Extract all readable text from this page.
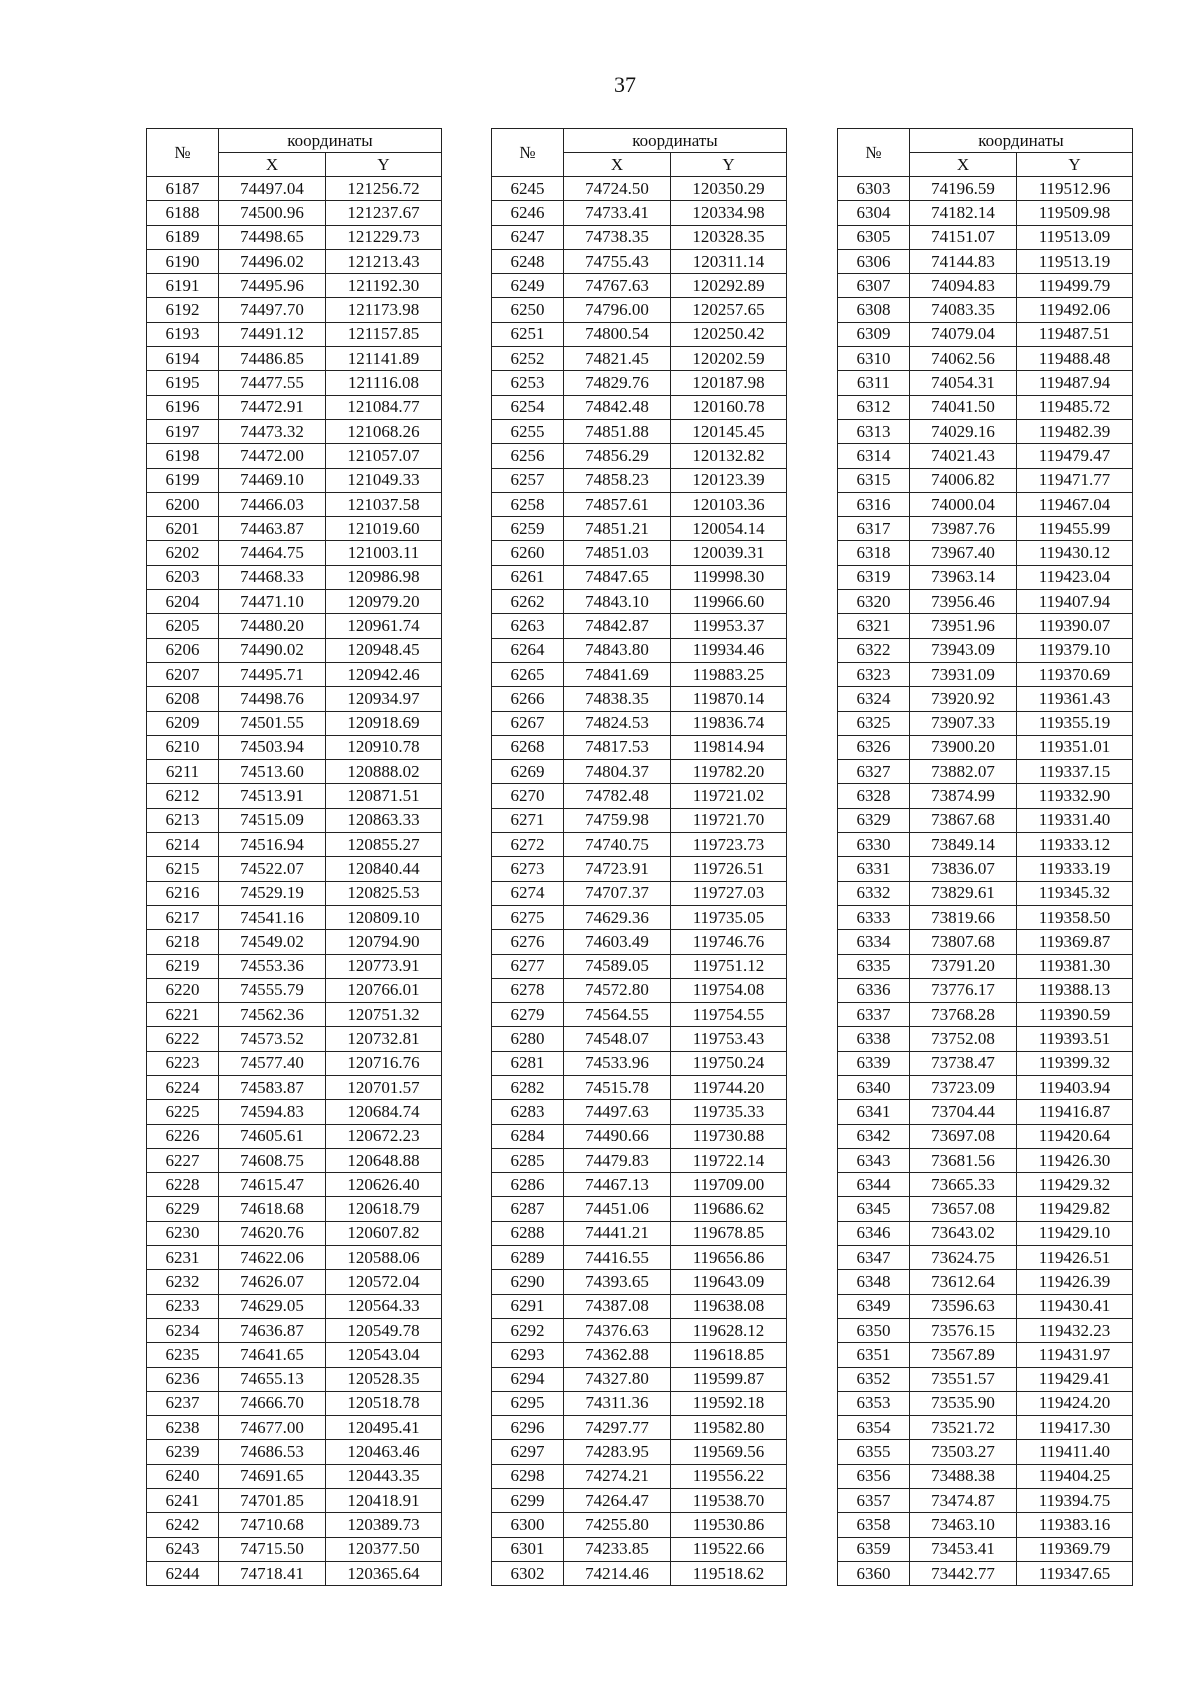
37
№	координаты	
	X	Y
6187	74497.04	121256.72
6188	74500.96	121237.67
6189	74498.65	121229.73
6190	74496.02	121213.43
6191	74495.96	121192.30
6192	74497.70	121173.98
6193	74491.12	121157.85
6194	74486.85	121141.89
6195	74477.55	121116.08
6196	74472.91	121084.77
6197	74473.32	121068.26
6198	74472.00	121057.07
6199	74469.10	121049.33
6200	74466.03	121037.58
6201	74463.87	121019.60
6202	74464.75	121003.11
6203	74468.33	120986.98
6204	74471.10	120979.20
6205	74480.20	120961.74
6206	74490.02	120948.45
6207	74495.71	120942.46
6208	74498.76	120934.97
6209	74501.55	120918.69
6210	74503.94	120910.78
6211	74513.60	120888.02
6212	74513.91	120871.51
6213	74515.09	120863.33
6214	74516.94	120855.27
6215	74522.07	120840.44
6216	74529.19	120825.53
6217	74541.16	120809.10
6218	74549.02	120794.90
6219	74553.36	120773.91
6220	74555.79	120766.01
6221	74562.36	120751.32
6222	74573.52	120732.81
6223	74577.40	120716.76
6224	74583.87	120701.57
6225	74594.83	120684.74
6226	74605.61	120672.23
6227	74608.75	120648.88
6228	74615.47	120626.40
6229	74618.68	120618.79
6230	74620.76	120607.82
6231	74622.06	120588.06
6232	74626.07	120572.04
6233	74629.05	120564.33
6234	74636.87	120549.78
6235	74641.65	120543.04
6236	74655.13	120528.35
6237	74666.70	120518.78
6238	74677.00	120495.41
6239	74686.53	120463.46
6240	74691.65	120443.35
6241	74701.85	120418.91
6242	74710.68	120389.73
6243	74715.50	120377.50
6244	74718.41	120365.64
№	координаты	
	X	Y
6245	74724.50	120350.29
6246	74733.41	120334.98
6247	74738.35	120328.35
6248	74755.43	120311.14
6249	74767.63	120292.89
6250	74796.00	120257.65
6251	74800.54	120250.42
6252	74821.45	120202.59
6253	74829.76	120187.98
6254	74842.48	120160.78
6255	74851.88	120145.45
6256	74856.29	120132.82
6257	74858.23	120123.39
6258	74857.61	120103.36
6259	74851.21	120054.14
6260	74851.03	120039.31
6261	74847.65	119998.30
6262	74843.10	119966.60
6263	74842.87	119953.37
6264	74843.80	119934.46
6265	74841.69	119883.25
6266	74838.35	119870.14
6267	74824.53	119836.74
6268	74817.53	119814.94
6269	74804.37	119782.20
6270	74782.48	119721.02
6271	74759.98	119721.70
6272	74740.75	119723.73
6273	74723.91	119726.51
6274	74707.37	119727.03
6275	74629.36	119735.05
6276	74603.49	119746.76
6277	74589.05	119751.12
6278	74572.80	119754.08
6279	74564.55	119754.55
6280	74548.07	119753.43
6281	74533.96	119750.24
6282	74515.78	119744.20
6283	74497.63	119735.33
6284	74490.66	119730.88
6285	74479.83	119722.14
6286	74467.13	119709.00
6287	74451.06	119686.62
6288	74441.21	119678.85
6289	74416.55	119656.86
6290	74393.65	119643.09
6291	74387.08	119638.08
6292	74376.63	119628.12
6293	74362.88	119618.85
6294	74327.80	119599.87
6295	74311.36	119592.18
6296	74297.77	119582.80
6297	74283.95	119569.56
6298	74274.21	119556.22
6299	74264.47	119538.70
6300	74255.80	119530.86
6301	74233.85	119522.66
6302	74214.46	119518.62
№	координаты	
	X	Y
6303	74196.59	119512.96
6304	74182.14	119509.98
6305	74151.07	119513.09
6306	74144.83	119513.19
6307	74094.83	119499.79
6308	74083.35	119492.06
6309	74079.04	119487.51
6310	74062.56	119488.48
6311	74054.31	119487.94
6312	74041.50	119485.72
6313	74029.16	119482.39
6314	74021.43	119479.47
6315	74006.82	119471.77
6316	74000.04	119467.04
6317	73987.76	119455.99
6318	73967.40	119430.12
6319	73963.14	119423.04
6320	73956.46	119407.94
6321	73951.96	119390.07
6322	73943.09	119379.10
6323	73931.09	119370.69
6324	73920.92	119361.43
6325	73907.33	119355.19
6326	73900.20	119351.01
6327	73882.07	119337.15
6328	73874.99	119332.90
6329	73867.68	119331.40
6330	73849.14	119333.12
6331	73836.07	119333.19
6332	73829.61	119345.32
6333	73819.66	119358.50
6334	73807.68	119369.87
6335	73791.20	119381.30
6336	73776.17	119388.13
6337	73768.28	119390.59
6338	73752.08	119393.51
6339	73738.47	119399.32
6340	73723.09	119403.94
6341	73704.44	119416.87
6342	73697.08	119420.64
6343	73681.56	119426.30
6344	73665.33	119429.32
6345	73657.08	119429.82
6346	73643.02	119429.10
6347	73624.75	119426.51
6348	73612.64	119426.39
6349	73596.63	119430.41
6350	73576.15	119432.23
6351	73567.89	119431.97
6352	73551.57	119429.41
6353	73535.90	119424.20
6354	73521.72	119417.30
6355	73503.27	119411.40
6356	73488.38	119404.25
6357	73474.87	119394.75
6358	73463.10	119383.16
6359	73453.41	119369.79
6360	73442.77	119347.65
